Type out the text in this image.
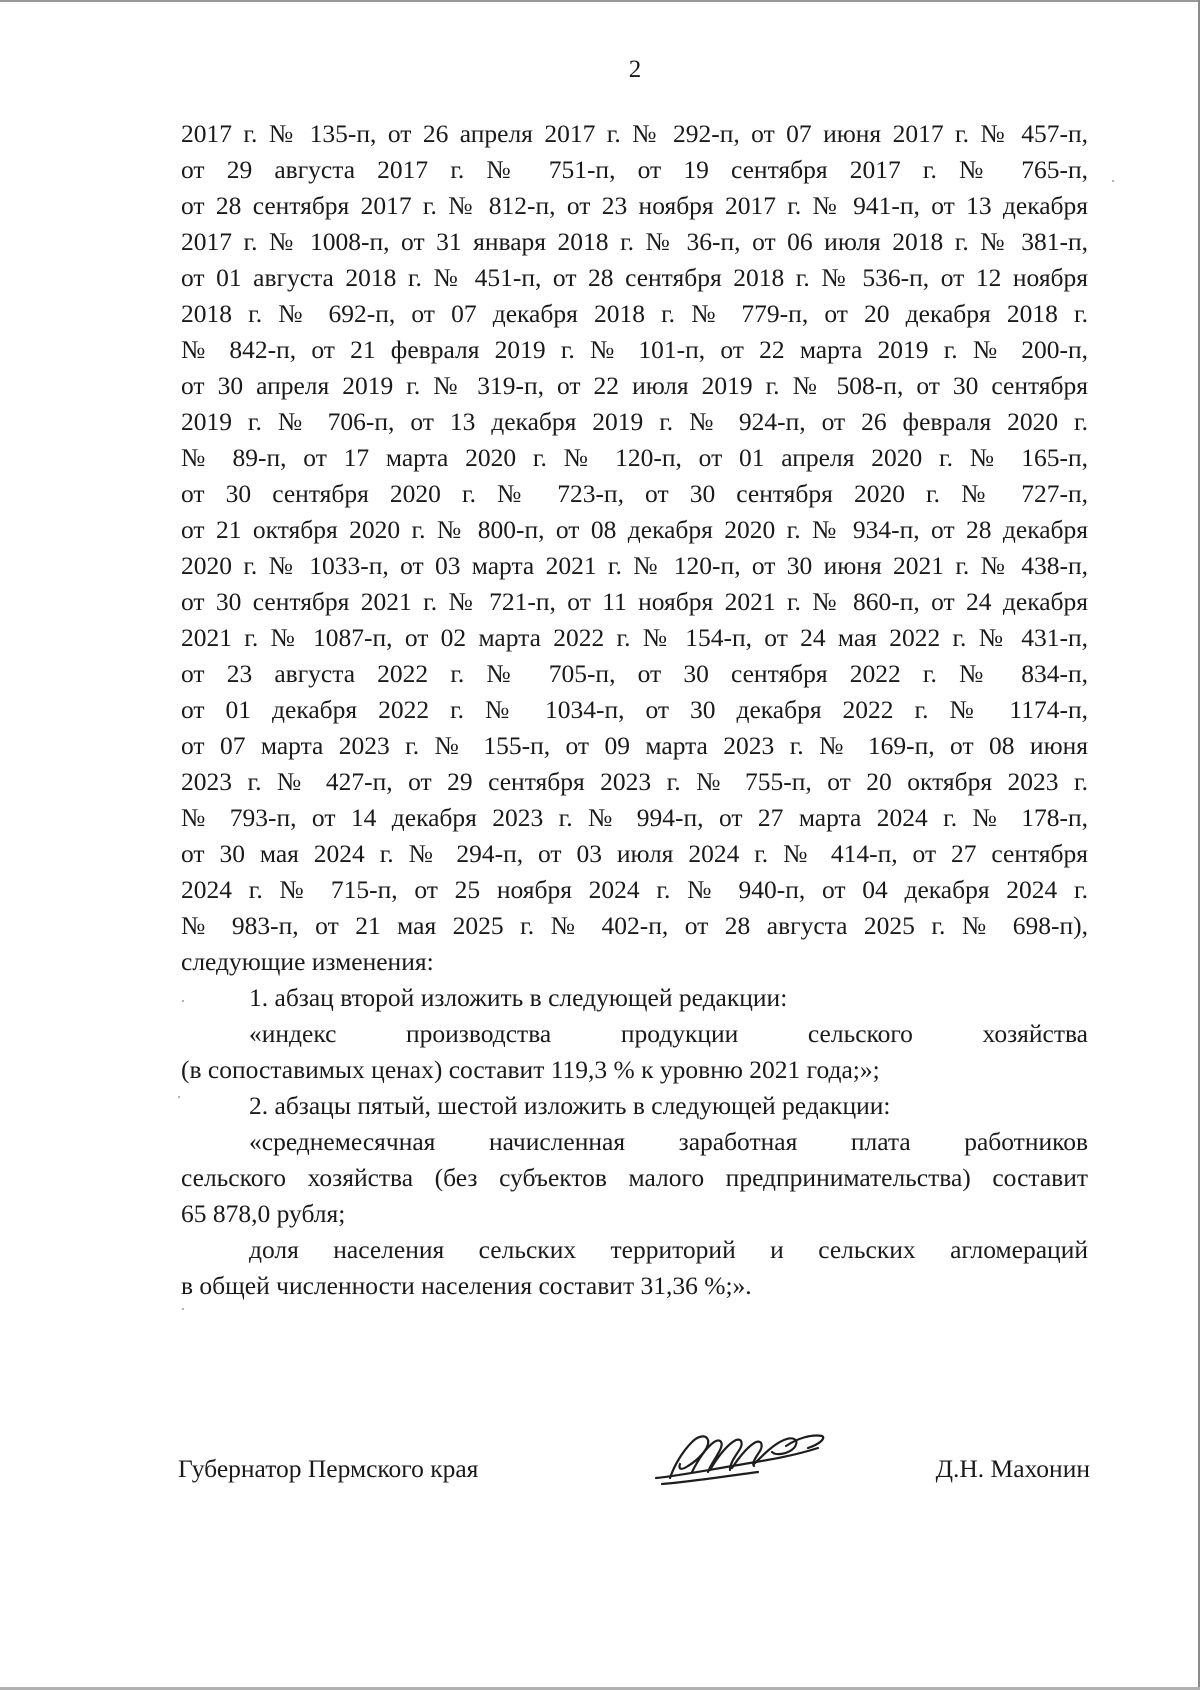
2
2017 г. № 135-п, от 26 апреля 2017 г. № 292-п, от 07 июня 2017 г. № 457-п,
от 29 августа 2017 г. № 751-п, от 19 сентября 2017 г. № 765-п,
от 28 сентября 2017 г. № 812-п, от 23 ноября 2017 г. № 941-п, от 13 декабря
2017 г. № 1008-п, от 31 января 2018 г. № 36-п, от 06 июля 2018 г. № 381-п,
от 01 августа 2018 г. № 451-п, от 28 сентября 2018 г. № 536-п, от 12 ноября
2018 г. № 692-п, от 07 декабря 2018 г. № 779-п, от 20 декабря 2018 г.
№ 842-п, от 21 февраля 2019 г. № 101-п, от 22 марта 2019 г. № 200-п,
от 30 апреля 2019 г. № 319-п, от 22 июля 2019 г. № 508-п, от 30 сентября
2019 г. № 706-п, от 13 декабря 2019 г. № 924-п, от 26 февраля 2020 г.
№ 89-п, от 17 марта 2020 г. № 120-п, от 01 апреля 2020 г. № 165-п,
от 30 сентября 2020 г. № 723-п, от 30 сентября 2020 г. № 727-п,
от 21 октября 2020 г. № 800-п, от 08 декабря 2020 г. № 934-п, от 28 декабря
2020 г. № 1033-п, от 03 марта 2021 г. № 120-п, от 30 июня 2021 г. № 438-п,
от 30 сентября 2021 г. № 721-п, от 11 ноября 2021 г. № 860-п, от 24 декабря
2021 г. № 1087-п, от 02 марта 2022 г. № 154-п, от 24 мая 2022 г. № 431-п,
от 23 августа 2022 г. № 705-п, от 30 сентября 2022 г. № 834-п,
от 01 декабря 2022 г. № 1034-п, от 30 декабря 2022 г. № 1174-п,
от 07 марта 2023 г. № 155-п, от 09 марта 2023 г. № 169-п, от 08 июня
2023 г. № 427-п, от 29 сентября 2023 г. № 755-п, от 20 октября 2023 г.
№ 793-п, от 14 декабря 2023 г. № 994-п, от 27 марта 2024 г. № 178-п,
от 30 мая 2024 г. № 294-п, от 03 июля 2024 г. № 414-п, от 27 сентября
2024 г. № 715-п, от 25 ноября 2024 г. № 940-п, от 04 декабря 2024 г.
№ 983-п, от 21 мая 2025 г. № 402-п, от 28 августа 2025 г. № 698-п),
следующие изменения:
1. абзац второй изложить в следующей редакции:
«индекс производства продукции сельского хозяйства
(в сопоставимых ценах) составит 119,3 % к уровню 2021 года;»;
2. абзацы пятый, шестой изложить в следующей редакции:
«среднемесячная начисленная заработная плата работников
сельского хозяйства (без субъектов малого предпринимательства) составит
65 878,0 рубля;
доля населения сельских территорий и сельских агломераций
в общей численности населения составит 31,36 %;».
Губернатор Пермского края	Д.Н. Махонин
